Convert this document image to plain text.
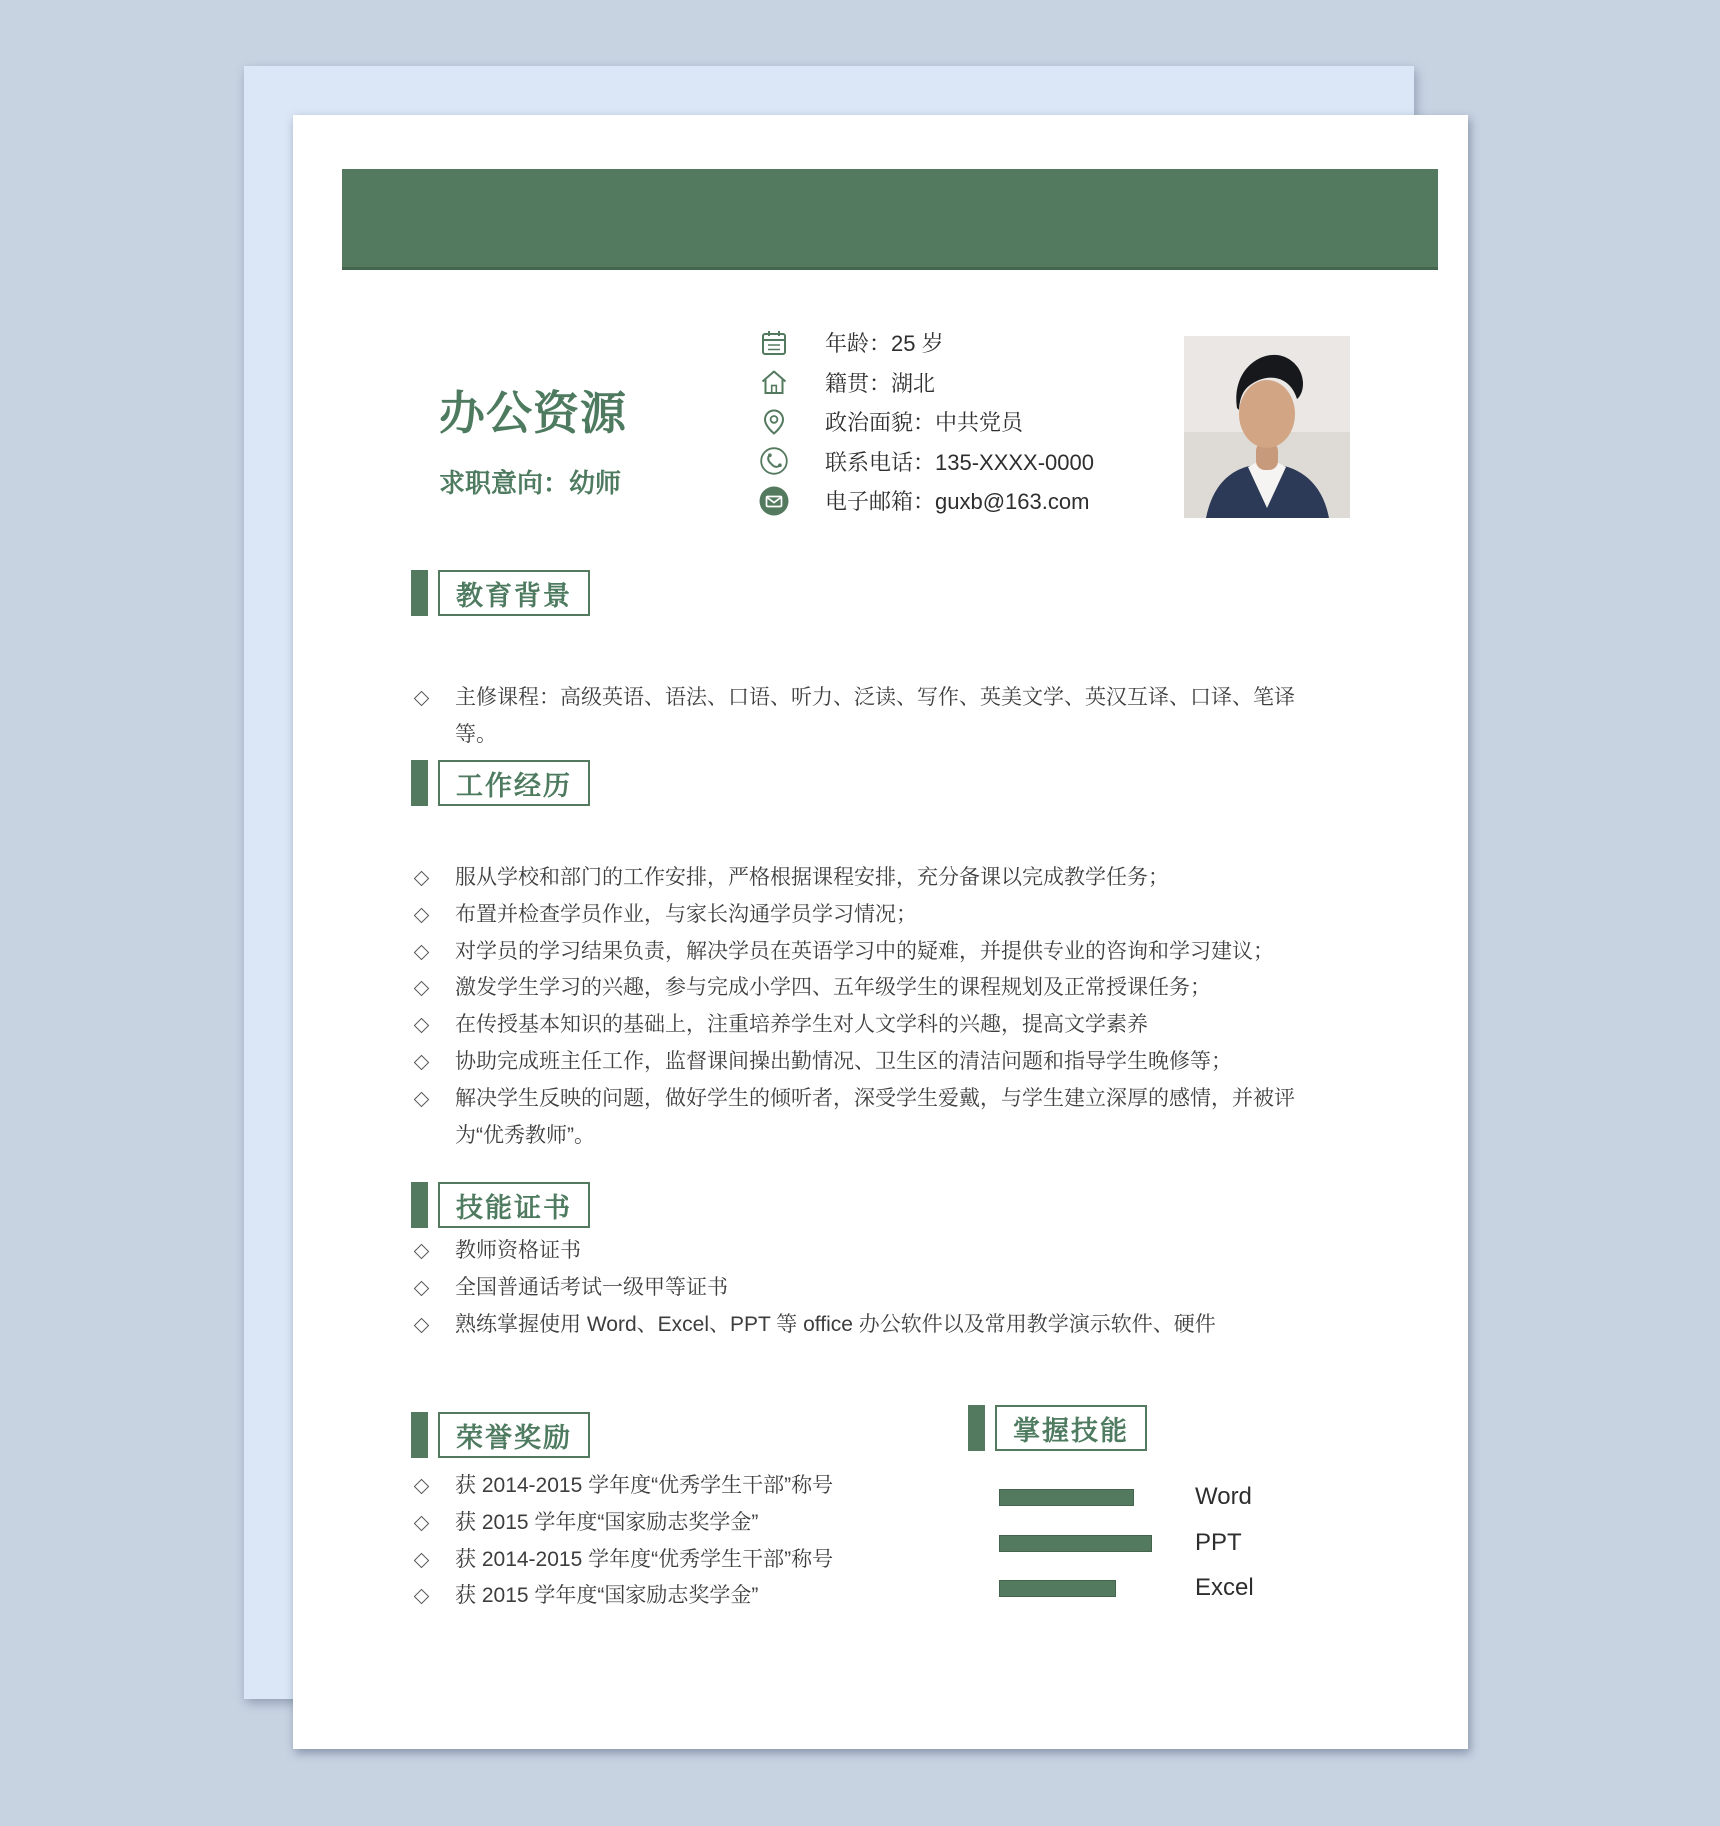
办公资源
求职意向：幼师
年龄：25 岁
籍贯：湖北
政治面貌：中共党员
联系电话：135-XXXX-0000
电子邮箱：guxb@163.com
教育背景
主修课程：高级英语、语法、口语、听力、泛读、写作、英美文学、英汉互译、口译、笔译等。
工作经历
服从学校和部门的工作安排，严格根据课程安排，充分备课以完成教学任务；
布置并检查学员作业，与家长沟通学员学习情况；
对学员的学习结果负责，解决学员在英语学习中的疑难，并提供专业的咨询和学习建议；
激发学生学习的兴趣，参与完成小学四、五年级学生的课程规划及正常授课任务；
在传授基本知识的基础上，注重培养学生对人文学科的兴趣，提高文学素养
协助完成班主任工作，监督课间操出勤情况、卫生区的清洁问题和指导学生晚修等；
解决学生反映的问题，做好学生的倾听者，深受学生爱戴，与学生建立深厚的感情，并被评为“优秀教师”。
技能证书
教师资格证书
全国普通话考试一级甲等证书
熟练掌握使用 Word、Excel、PPT 等 office 办公软件以及常用教学演示软件、硬件
荣誉奖励
获 2014-2015 学年度“优秀学生干部”称号
获 2015 学年度“国家励志奖学金”
获 2014-2015 学年度“优秀学生干部”称号
获 2015 学年度“国家励志奖学金”
掌握技能
Word
PPT
Excel
